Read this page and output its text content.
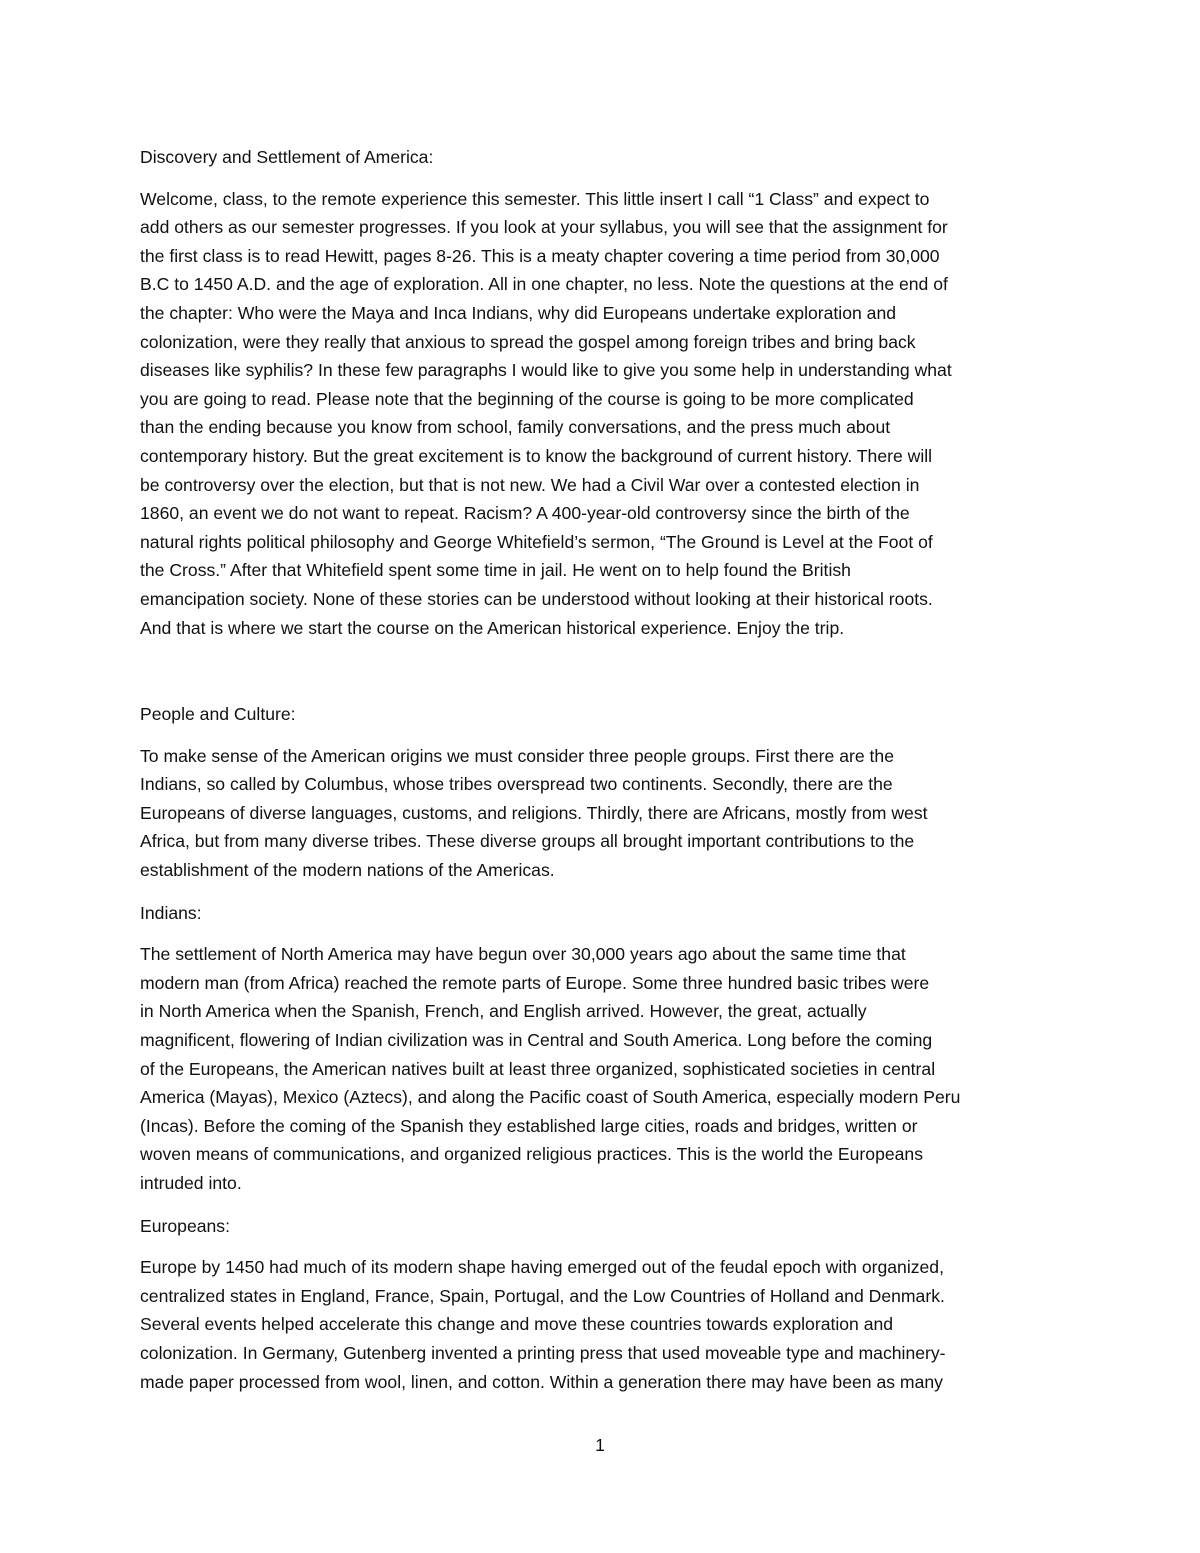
Discovery and Settlement of America:
Welcome, class, to the remote experience this semester. This little insert I call “1 Class” and expect to
add others as our semester progresses. If you look at your syllabus, you will see that the assignment for
the first class is to read Hewitt, pages 8-26. This is a meaty chapter covering a time period from 30,000
B.C to 1450 A.D. and the age of exploration. All in one chapter, no less. Note the questions at the end of
the chapter: Who were the Maya and Inca Indians, why did Europeans undertake exploration and
colonization, were they really that anxious to spread the gospel among foreign tribes and bring back
diseases like syphilis? In these few paragraphs I would like to give you some help in understanding what
you are going to read. Please note that the beginning of the course is going to be more complicated
than the ending because you know from school, family conversations, and the press much about
contemporary history. But the great excitement is to know the background of current history. There will
be controversy over the election, but that is not new. We had a Civil War over a contested election in
1860, an event we do not want to repeat. Racism? A 400-year-old controversy since the birth of the
natural rights political philosophy and George Whitefield’s sermon, “The Ground is Level at the Foot of
the Cross.” After that Whitefield spent some time in jail. He went on to help found the British
emancipation society. None of these stories can be understood without looking at their historical roots.
And that is where we start the course on the American historical experience. Enjoy the trip.
People and Culture:
To make sense of the American origins we must consider three people groups. First there are the
Indians, so called by Columbus, whose tribes overspread two continents. Secondly, there are the
Europeans of diverse languages, customs, and religions. Thirdly, there are Africans, mostly from west
Africa, but from many diverse tribes. These diverse groups all brought important contributions to the
establishment of the modern nations of the Americas.
Indians:
The settlement of North America may have begun over 30,000 years ago about the same time that
modern man (from Africa) reached the remote parts of Europe. Some three hundred basic tribes were
in North America when the Spanish, French, and English arrived. However, the great, actually
magnificent, flowering of Indian civilization was in Central and South America. Long before the coming
of the Europeans, the American natives built at least three organized, sophisticated societies in central
America (Mayas), Mexico (Aztecs), and along the Pacific coast of South America, especially modern Peru
(Incas). Before the coming of the Spanish they established large cities, roads and bridges, written or
woven means of communications, and organized religious practices. This is the world the Europeans
intruded into.
Europeans:
Europe by 1450 had much of its modern shape having emerged out of the feudal epoch with organized,
centralized states in England, France, Spain, Portugal, and the Low Countries of Holland and Denmark.
Several events helped accelerate this change and move these countries towards exploration and
colonization. In Germany, Gutenberg invented a printing press that used moveable type and machinery-
made paper processed from wool, linen, and cotton. Within a generation there may have been as many
1
